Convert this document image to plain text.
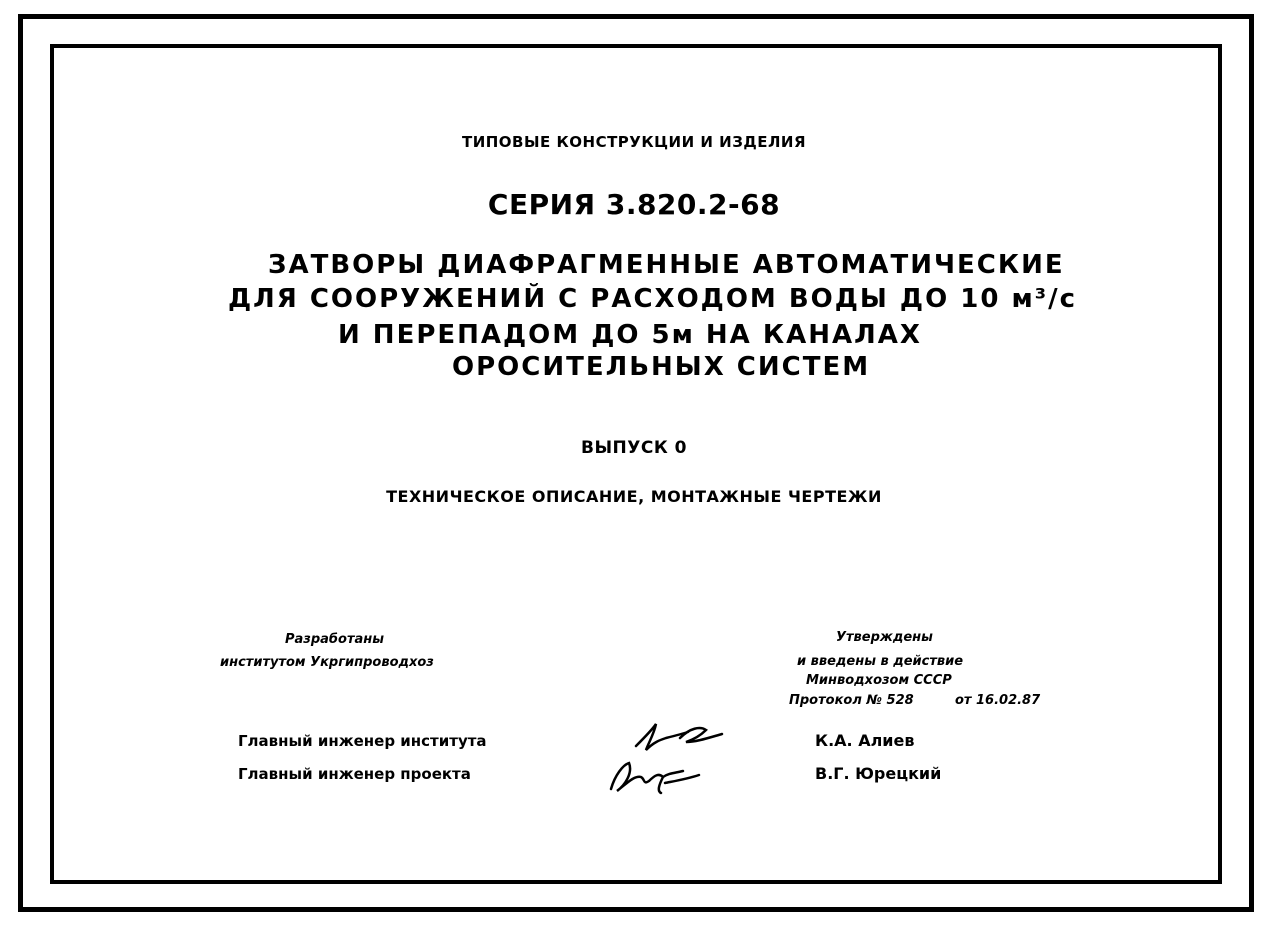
ТИПОВЫЕ КОНСТРУКЦИИ И ИЗДЕЛИЯ
СЕРИЯ 3.820.2-68
ЗАТВОРЫ ДИАФРАГМЕННЫЕ АВТОМАТИЧЕСКИЕ
ДЛЯ СООРУЖЕНИЙ С РАСХОДОМ ВОДЫ ДО 10 м³/с
И ПЕРЕПАДОМ ДО 5м НА КАНАЛАХ
ОРОСИТЕЛЬНЫХ СИСТЕМ
ВЫПУСК 0
ТЕХНИЧЕСКОЕ ОПИСАНИЕ, МОНТАЖНЫЕ ЧЕРТЕЖИ
Разработаны
институтом Укргипроводхоз
Утверждены
и введены в действие
Минводхозом СССР
Протокол № 528	от 16.02.87
Главный инженер института
Главный инженер проекта
К.А. Алиев
В.Г. Юрецкий
